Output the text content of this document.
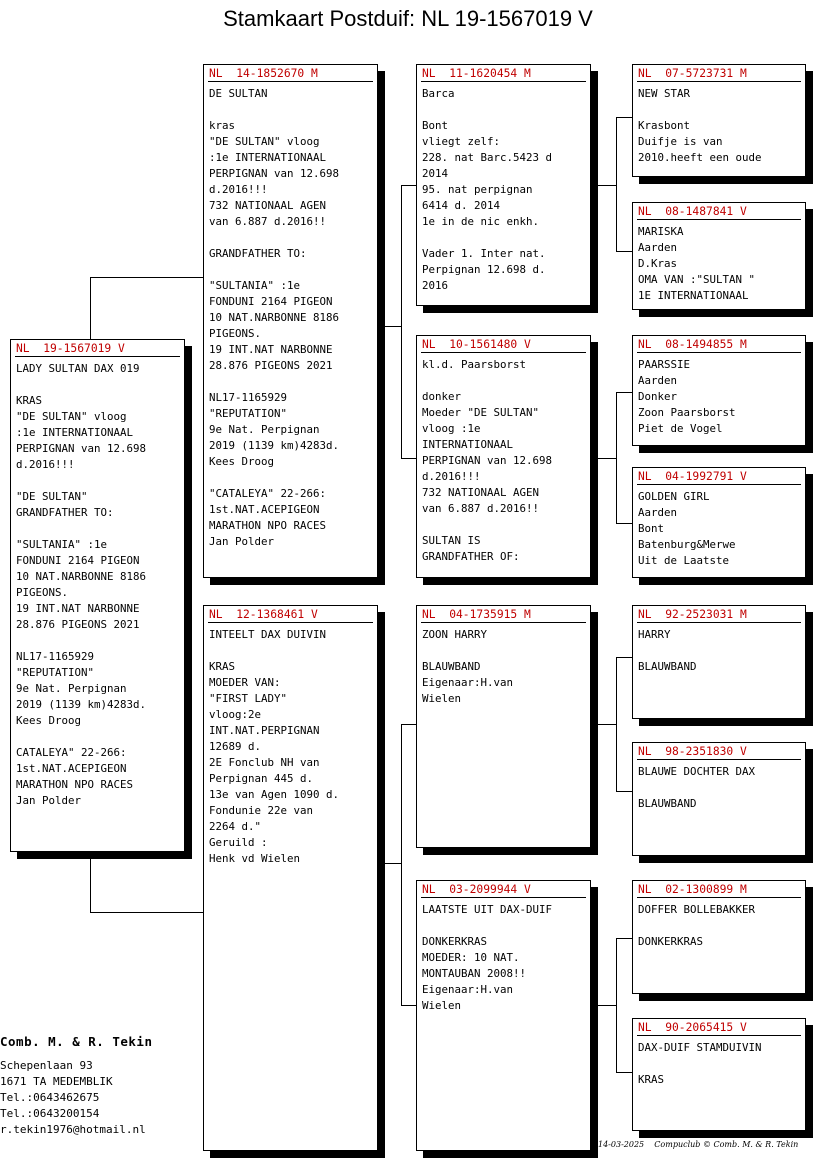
Stamkaart Postduif: NL 19-1567019 V
NL  19-1567019 V
LADY SULTAN DAX 019
KRAS
"DE SULTAN" vloog
:1e INTERNATIONAAL
PERPIGNAN van 12.698
d.2016!!!
"DE SULTAN"
GRANDFATHER TO:
"SULTANIA" :1e
FONDUNI 2164 PIGEON
10 NAT.NARBONNE 8186
PIGEONS.
19 INT.NAT NARBONNE
28.876 PIGEONS 2021
NL17-1165929
"REPUTATION"
9e Nat. Perpignan
2019 (1139 km)4283d.
Kees Droog
CATALEYA" 22-266:
1st.NAT.ACEPIGEON
MARATHON NPO RACES
Jan Polder
NL  14-1852670 M
DE SULTAN
kras
"DE SULTAN" vloog
:1e INTERNATIONAAL
PERPIGNAN van 12.698
d.2016!!!
732 NATIONAAL AGEN
van 6.887 d.2016!!
GRANDFATHER TO:
"SULTANIA" :1e
FONDUNI 2164 PIGEON
10 NAT.NARBONNE 8186
PIGEONS.
19 INT.NAT NARBONNE
28.876 PIGEONS 2021
NL17-1165929
"REPUTATION"
9e Nat. Perpignan
2019 (1139 km)4283d.
Kees Droog
"CATALEYA" 22-266:
1st.NAT.ACEPIGEON
MARATHON NPO RACES
Jan Polder
NL  12-1368461 V
INTEELT DAX DUIVIN
KRAS
MOEDER VAN:
"FIRST LADY"
vloog:2e
INT.NAT.PERPIGNAN
12689 d.
2E Fonclub NH van
Perpignan 445 d.
13e van Agen 1090 d.
Fondunie 22e van
2264 d."
Geruild :
Henk vd Wielen
NL  11-1620454 M
Barca
Bont
vliegt zelf:
228. nat Barc.5423 d
2014
95. nat perpignan
6414 d. 2014
1e in de nic enkh.
Vader 1. Inter nat.
Perpignan 12.698 d.
2016
NL  10-1561480 V
kl.d. Paarsborst
donker
Moeder "DE SULTAN"
vloog :1e
INTERNATIONAAL
PERPIGNAN van 12.698
d.2016!!!
732 NATIONAAL AGEN
van 6.887 d.2016!!
SULTAN IS
GRANDFATHER OF:
NL  04-1735915 M
ZOON HARRY
BLAUWBAND
Eigenaar:H.van
Wielen
NL  03-2099944 V
LAATSTE UIT DAX-DUIF
DONKERKRAS
MOEDER: 10 NAT.
MONTAUBAN 2008!!
Eigenaar:H.van
Wielen
NL  07-5723731 M
NEW STAR
Krasbont
Duifje is van
2010.heeft een oude
NL  08-1487841 V
MARISKA
Aarden
D.Kras
OMA VAN :"SULTAN "
1E INTERNATIONAAL
NL  08-1494855 M
PAARSSIE
Aarden
Donker
Zoon Paarsborst
Piet de Vogel
NL  04-1992791 V
GOLDEN GIRL
Aarden
Bont
Batenburg&Merwe
Uit de Laatste
NL  92-2523031 M
HARRY
BLAUWBAND
NL  98-2351830 V
BLAUWE DOCHTER DAX
BLAUWBAND
NL  02-1300899 M
DOFFER BOLLEBAKKER
DONKERKRAS
NL  90-2065415 V
DAX-DUIF STAMDUIVIN
KRAS
Comb. M. & R. Tekin
Schepenlaan 93
1671 TA MEDEMBLIK
Tel.:0643462675
Tel.:0643200154
r.tekin1976@hotmail.nl
14-03-2025    Compuclub © Comb. M. & R. Tekin
